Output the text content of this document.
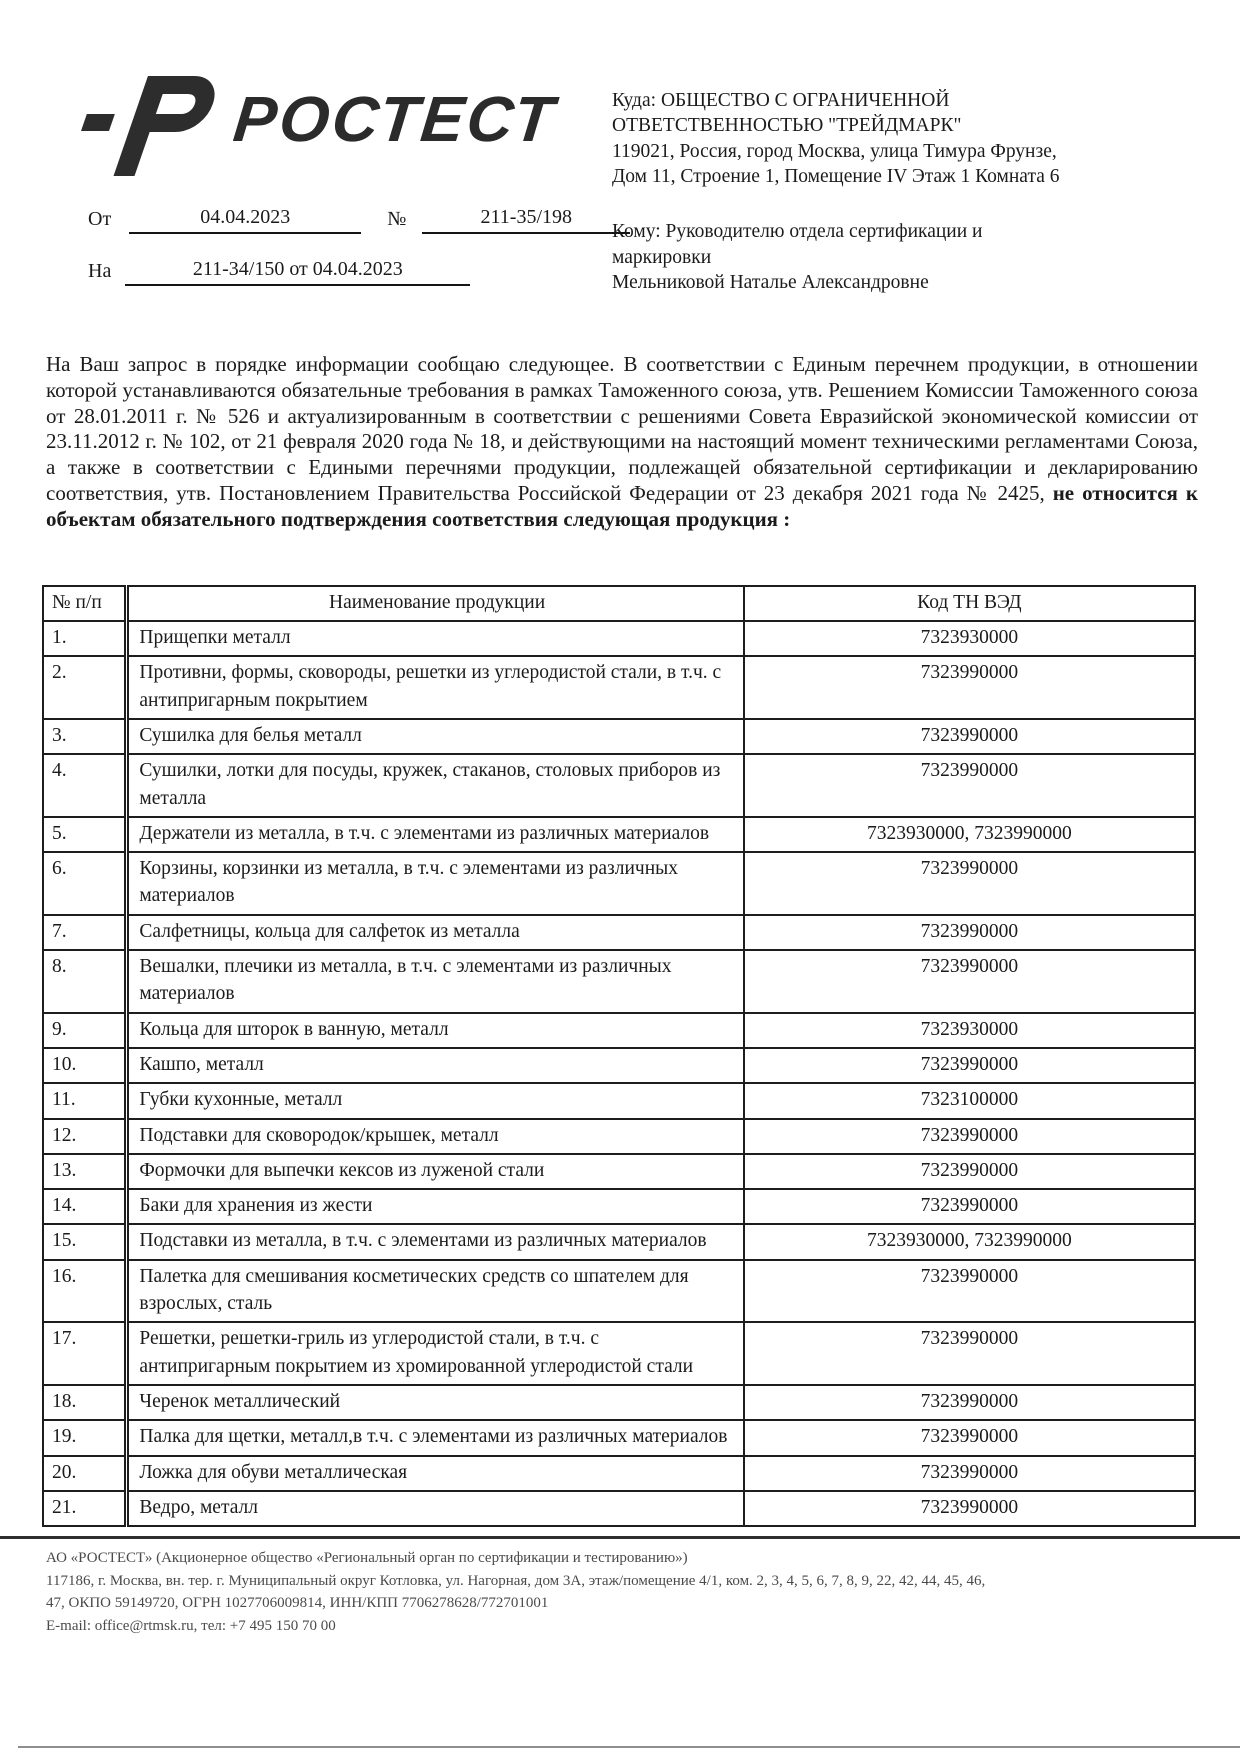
РОСТЕСТ	Куда: ОБЩЕСТВО С ОГРАНИЧЕННОЙ ОТВЕТСТВЕННОСТЬЮ "ТРЕЙДМАРК"
119021, Россия, город Москва, улица Тимура Фрунзе, Дом 11, Строение 1, Помещение IV Этаж 1 Комната 6
Кому: Руководителю отдела сертификации и маркировки
Мельниковой Наталье Александровне
От	04.04.2023	№	211-35/198
На	211-34/150 от 04.04.2023

На Ваш запрос в порядке информации сообщаю следующее. В соответствии с Единым перечнем продукции, в отношении которой устанавливаются обязательные требования в рамках Таможенного союза, утв. Решением Комиссии Таможенного союза от 28.01.2011 г. № 526 и актуализированным в соответствии с решениями Совета Евразийской экономической комиссии от 23.11.2012 г. № 102, от 21 февраля 2020 года № 18, и действующими на настоящий момент техническими регламентами Союза, а также в соответствии с Едиными перечнями продукции, подлежащей обязательной сертификации и декларированию соответствия, утв. Постановлением Правительства Российской Федерации от 23 декабря 2021 года № 2425, не относится к объектам обязательного подтверждения соответствия следующая продукция :

№ п/п	Наименование продукции	Код ТН ВЭД
1.	Прищепки металл	7323930000
2.	Противни, формы, сковороды, решетки из углеродистой стали, в т.ч. с антипригарным покрытием	7323990000
3.	Сушилка для белья металл	7323990000
4.	Сушилки, лотки для посуды, кружек, стаканов, столовых приборов из металла	7323990000
5.	Держатели из металла, в т.ч. с элементами из различных материалов	7323930000, 7323990000
6.	Корзины, корзинки из металла, в т.ч. с элементами из различных материалов	7323990000
7.	Салфетницы, кольца для салфеток из металла	7323990000
8.	Вешалки, плечики из металла, в т.ч. с элементами из различных материалов	7323990000
9.	Кольца для шторок в ванную, металл	7323930000
10.	Кашпо, металл	7323990000
11.	Губки кухонные, металл	7323100000
12.	Подставки для сковородок/крышек, металл	7323990000
13.	Формочки для выпечки кексов из луженой стали	7323990000
14.	Баки для хранения из жести	7323990000
15.	Подставки из металла, в т.ч. с элементами из различных материалов	7323930000, 7323990000
16.	Палетка для смешивания косметических средств со шпателем для взрослых, сталь	7323990000
17.	Решетки, решетки-гриль из углеродистой стали, в т.ч. с антипригарным покрытием из хромированной углеродистой стали	7323990000
18.	Черенок металлический	7323990000
19.	Палка для щетки, металл,в т.ч. с элементами из различных материалов	7323990000
20.	Ложка для обуви металлическая	7323990000
21.	Ведро, металл	7323990000
АО «РОСТЕСТ» (Акционерное общество «Региональный орган по сертификации и тестированию»)
117186, г. Москва, вн. тер. г. Муниципальный округ Котловка, ул. Нагорная, дом 3А, этаж/помещение 4/1, ком. 2, 3, 4, 5, 6, 7, 8, 9, 22, 42, 44, 45, 46,
47, ОКПО 59149720, ОГРН 1027706009814, ИНН/КПП 7706278628/772701001
E-mail: office@rtmsk.ru, тел: +7 495 150 70 00
